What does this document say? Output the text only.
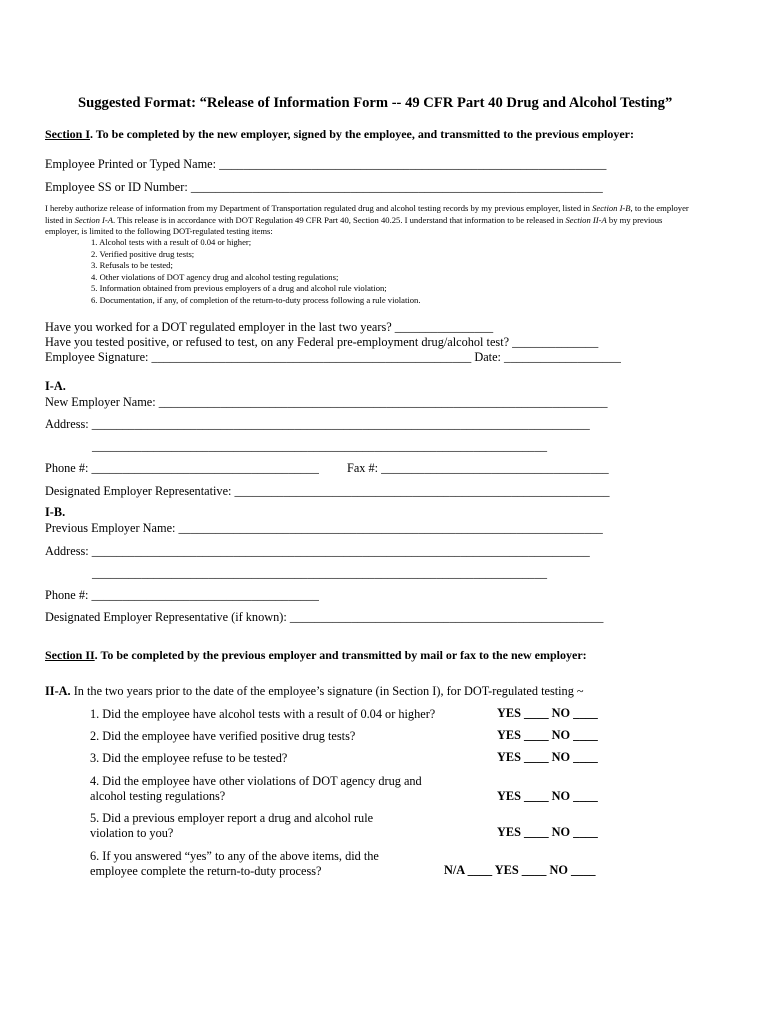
Suggested Format: “Release of Information Form -- 49 CFR Part 40 Drug and Alcohol Testing”
Section I. To be completed by the new employer, signed by the employee, and transmitted to the previous employer:
Employee Printed or Typed Name: _______________________________________________________________
Employee SS or ID Number: ___________________________________________________________________
I hereby authorize release of information from my Department of Transportation regulated drug and alcohol testing records by my previous employer, listed in Section I-B, to the employer listed in Section I-A. This release is in accordance with DOT Regulation 49 CFR Part 40, Section 40.25. I understand that information to be released in Section II-A by my previous employer, is limited to the following DOT-regulated testing items:
1. Alcohol tests with a result of 0.04 or higher;
2. Verified positive drug tests;
3. Refusals to be tested;
4. Other violations of DOT agency drug and alcohol testing regulations;
5. Information obtained from previous employers of a drug and alcohol rule violation;
6. Documentation, if any, of completion of the return-to-duty process following a rule violation.
Have you worked for a DOT regulated employer in the last two years? ________________
Have you tested positive, or refused to test, on any Federal pre-employment drug/alcohol test? ______________
Employee Signature: ____________________________________________________ Date: ___________________
I-A.
New Employer Name: _________________________________________________________________________
Address: _________________________________________________________________________________
__________________________________________________________________________
Phone #: _____________________________________ Fax #: _____________________________________
Designated Employer Representative: _____________________________________________________________
I-B.
Previous Employer Name: _____________________________________________________________________
Address: _________________________________________________________________________________
__________________________________________________________________________
Phone #: _____________________________________
Designated Employer Representative (if known): ___________________________________________________
Section II. To be completed by the previous employer and transmitted by mail or fax to the new employer:
II-A. In the two years prior to the date of the employee’s signature (in Section I), for DOT-regulated testing ~
1. Did the employee have alcohol tests with a result of 0.04 or higher?	YES ____ NO ____
2. Did the employee have verified positive drug tests?	YES ____ NO ____
3. Did the employee refuse to be tested?	YES ____ NO ____
4. Did the employee have other violations of DOT agency drug and
alcohol testing regulations?	YES ____ NO ____
5. Did a previous employer report a drug and alcohol rule
violation to you?	YES ____ NO ____
6. If you answered “yes” to any of the above items, did the
employee complete the return-to-duty process?	N/A ____ YES ____ NO ____
